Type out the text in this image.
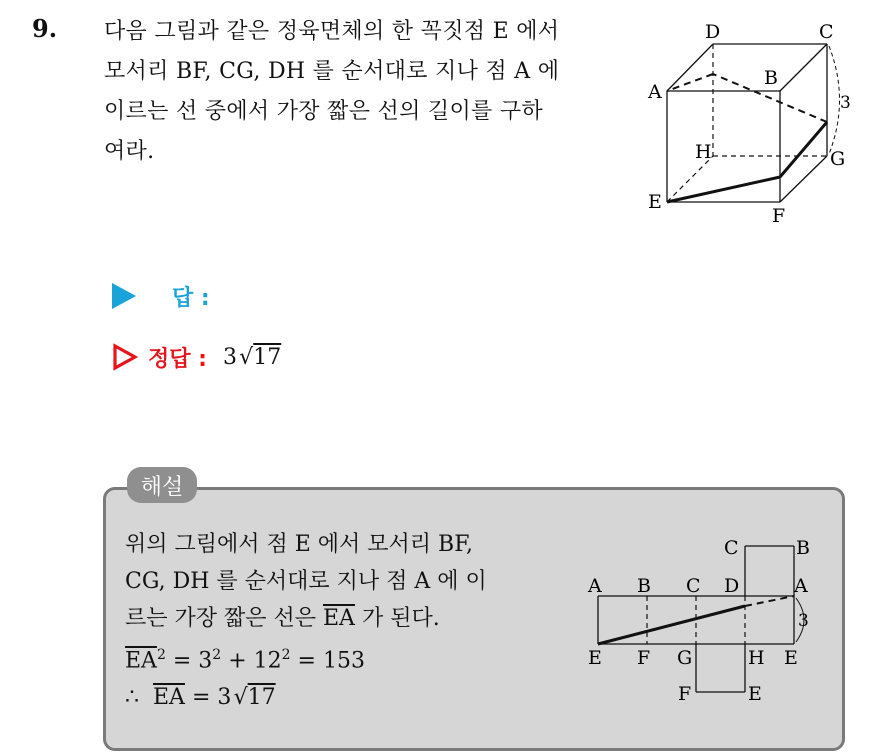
9. 다음 그림과 같은 정육면체의 한 꼭짓점 E 에서
모서리 BF, CG, DH 를 순서대로 지나 점 A 에
이르는 선 중에서 가장 짧은 선의 길이를 구하
여라.
D	C
A
B
H	G
E
F
3
답 :
정답 : 3  √17
해설
위의 그림에서 점 E 에서 모서리 BF,
CG, DH 를 순서대로 지나 점 A 에 이
르는 가장 짧은 선은 $\overline{EA}$ 가 된다.
$\overline{EA}^2 = 3^2 + 12^2 = 153$
∴ $\overline{EA} = 3$  √17
A B C D	A
C	B
E F G	H E
F	E
3
